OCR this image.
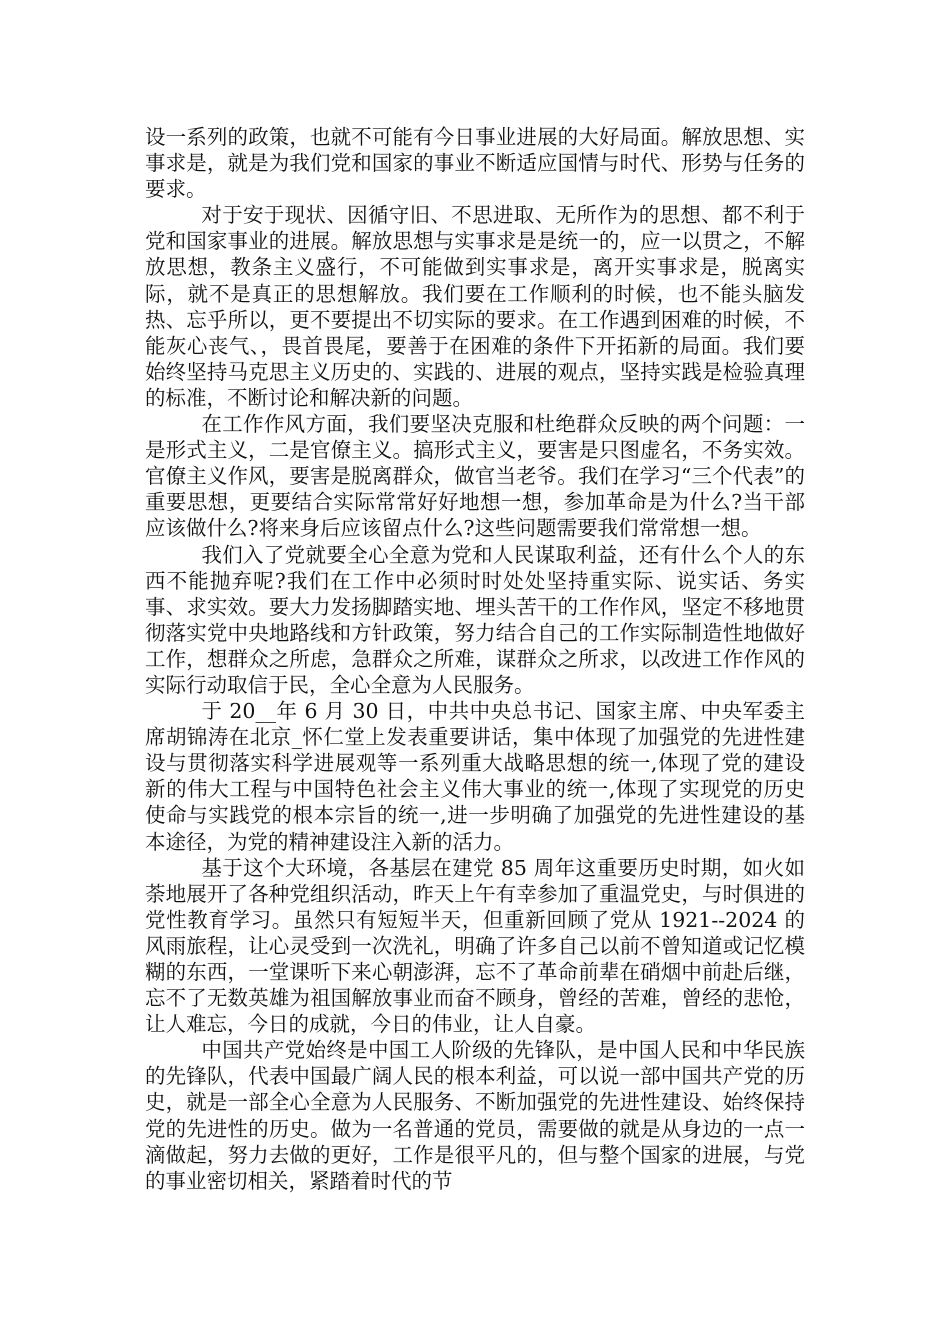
设一系列的政策，也就不可能有今日事业进展的大好局面。解放思想、实事求是，就是为我们党和国家的事业不断适应国情与时代、形势与任务的要求。

对于安于现状、因循守旧、不思进取、无所作为的思想、都不利于党和国家事业的进展。解放思想与实事求是是统一的，应一以贯之，不解放思想，教条主义盛行，不可能做到实事求是，离开实事求是，脱离实际，就不是真正的思想解放。我们要在工作顺利的时候，也不能头脑发热、忘乎所以，更不要提出不切实际的要求。在工作遇到困难的时候，不能灰心丧气、，畏首畏尾，要善于在困难的条件下开拓新的局面。我们要始终坚持马克思主义历史的、实践的、进展的观点，坚持实践是检验真理的标准，不断讨论和解决新的问题。

在工作作风方面，我们要坚决克服和杜绝群众反映的两个问题：一是形式主义，二是官僚主义。搞形式主义，要害是只图虚名，不务实效。官僚主义作风，要害是脱离群众，做官当老爷。我们在学习“三个代表”的重要思想，更要结合实际常常好好地想一想，参加革命是为什么?当干部应该做什么?将来身后应该留点什么?这些问题需要我们常常想一想。

我们入了党就要全心全意为党和人民谋取利益，还有什么个人的东西不能抛弃呢?我们在工作中必须时时处处坚持重实际、说实话、务实事、求实效。要大力发扬脚踏实地、埋头苦干的工作作风，坚定不移地贯彻落实党中央地路线和方针政策，努力结合自己的工作实际制造性地做好工作，想群众之所虑，急群众之所难，谋群众之所求，以改进工作作风的实际行动取信于民，全心全意为人民服务。

于 20__年 6 月 30 日，中共中央总书记、国家主席、中央军委主席胡锦涛在北京_怀仁堂上发表重要讲话，集中体现了加强党的先进性建设与贯彻落实科学进展观等一系列重大战略思想的统一,体现了党的建设新的伟大工程与中国特色社会主义伟大事业的统一,体现了实现党的历史使命与实践党的根本宗旨的统一,进一步明确了加强党的先进性建设的基本途径，为党的精神建设注入新的活力。

基于这个大环境，各基层在建党 85 周年这重要历史时期，如火如荼地展开了各种党组织活动，昨天上午有幸参加了重温党史，与时俱进的党性教育学习。虽然只有短短半天，但重新回顾了党从 1921--2024 的风雨旅程，让心灵受到一次洗礼，明确了许多自己以前不曾知道或记忆模糊的东西，一堂课听下来心朝澎湃，忘不了革命前辈在硝烟中前赴后继，忘不了无数英雄为祖国解放事业而奋不顾身，曾经的苦难，曾经的悲怆，让人难忘，今日的成就，今日的伟业，让人自豪。

中国共产党始终是中国工人阶级的先锋队，是中国人民和中华民族的先锋队，代表中国最广阔人民的根本利益，可以说一部中国共产党的历史，就是一部全心全意为人民服务、不断加强党的先进性建设、始终保持党的先进性的历史。做为一名普通的党员，需要做的就是从身边的一点一滴做起，努力去做的更好，工作是很平凡的，但与整个国家的进展，与党的事业密切相关，紧踏着时代的节
